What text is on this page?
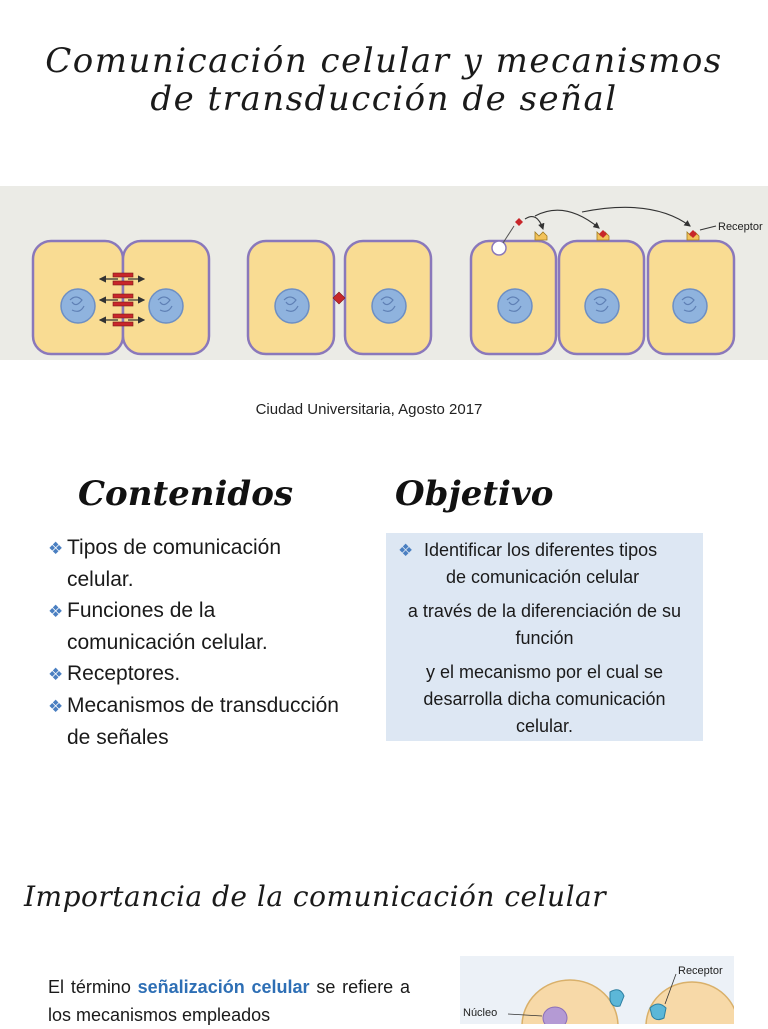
Comunicación celular y mecanismos
de transducción de señal
Receptor
Ciudad Universitaria, Agosto 2017
Contenidos	Objetivo
❖ Tipos de comunicación celular.
❖ Funciones de la comunicación celular.
❖ Receptores.
❖ Mecanismos de transducción de señales

❖ Identificar los diferentes tipos
de comunicación celular

a través de la diferenciación de su función

y el mecanismo por el cual se desarrolla dicha comunicación celular.

Importancia de la comunicación celular
El término señalización celular se refiere a los mecanismos empleados
Receptor
Núcleo
